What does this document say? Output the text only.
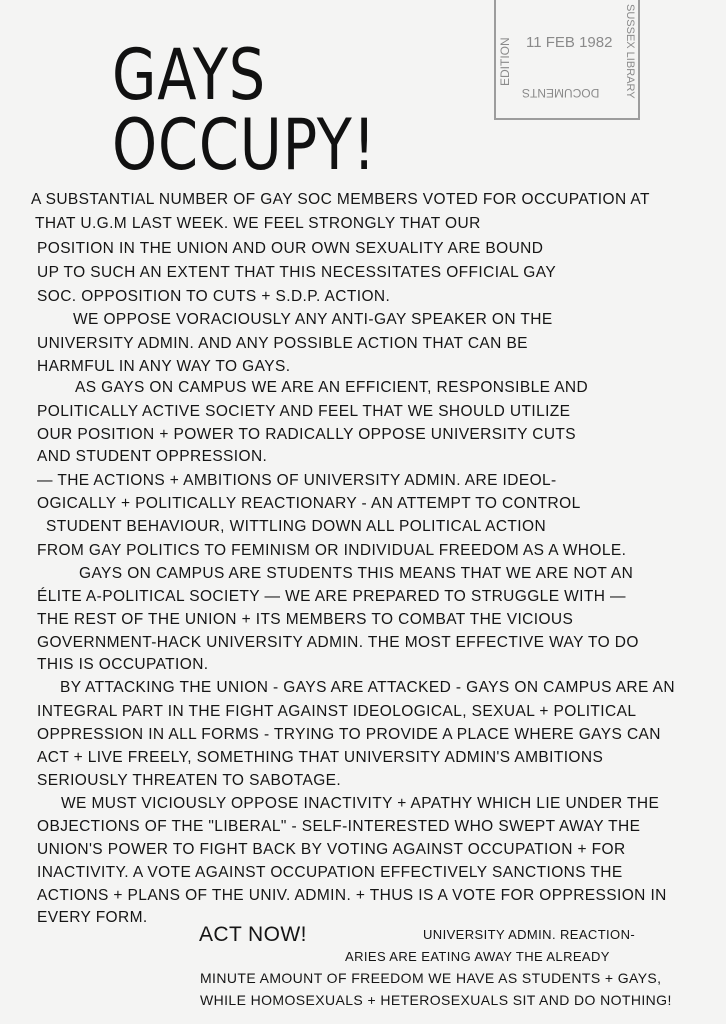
EDITION 11 FEB 1982	SUSSEX LIBRARY
DOCUMENTS
GAYS OCCUPY!
A SUBSTANTIAL NUMBER OF GAY SOC MEMBERS VOTED FOR OCCUPATION AT
THAT U.G.M LAST WEEK. WE FEEL STRONGLY THAT OUR
POSITION IN THE UNION AND OUR OWN SEXUALITY ARE BOUND
UP TO SUCH AN EXTENT THAT THIS NECESSITATES OFFICIAL GAY
SOC. OPPOSITION TO CUTS + S.D.P. ACTION.
WE OPPOSE VORACIOUSLY ANY ANTI-GAY SPEAKER ON THE
UNIVERSITY ADMIN. AND ANY POSSIBLE ACTION THAT CAN BE
HARMFUL IN ANY WAY TO GAYS.
AS GAYS ON CAMPUS WE ARE AN EFFICIENT, RESPONSIBLE AND
POLITICALLY ACTIVE SOCIETY AND FEEL THAT WE SHOULD UTILIZE
OUR POSITION + POWER TO RADICALLY OPPOSE UNIVERSITY CUTS
AND STUDENT OPPRESSION.
— THE ACTIONS + AMBITIONS OF UNIVERSITY ADMIN. ARE IDEOL-
OGICALLY + POLITICALLY REACTIONARY - AN ATTEMPT TO CONTROL
STUDENT BEHAVIOUR, WITTLING DOWN ALL POLITICAL ACTION
FROM GAY POLITICS TO FEMINISM OR INDIVIDUAL FREEDOM AS A WHOLE.
GAYS ON CAMPUS ARE STUDENTS THIS MEANS THAT WE ARE NOT AN
ÉLITE A-POLITICAL SOCIETY — WE ARE PREPARED TO STRUGGLE WITH —
THE REST OF THE UNION + ITS MEMBERS TO COMBAT THE VICIOUS
GOVERNMENT-HACK UNIVERSITY ADMIN. THE MOST EFFECTIVE WAY TO DO
THIS IS OCCUPATION.
BY ATTACKING THE UNION - GAYS ARE ATTACKED - GAYS ON CAMPUS ARE AN
INTEGRAL PART IN THE FIGHT AGAINST IDEOLOGICAL, SEXUAL + POLITICAL
OPPRESSION IN ALL FORMS - TRYING TO PROVIDE A PLACE WHERE GAYS CAN
ACT + LIVE FREELY, SOMETHING THAT UNIVERSITY ADMIN'S AMBITIONS
SERIOUSLY THREATEN TO SABOTAGE.
WE MUST VICIOUSLY OPPOSE INACTIVITY + APATHY WHICH LIE UNDER THE
OBJECTIONS OF THE "LIBERAL" - SELF-INTERESTED WHO SWEPT AWAY THE
UNION'S POWER TO FIGHT BACK BY VOTING AGAINST OCCUPATION + FOR
INACTIVITY. A VOTE AGAINST OCCUPATION EFFECTIVELY SANCTIONS THE
ACTIONS + PLANS OF THE UNIV. ADMIN. + THUS IS A VOTE FOR OPPRESSION IN
EVERY FORM.
ACT NOW!	UNIVERSITY ADMIN. REACTION-
ARIES ARE EATING AWAY THE ALREADY
MINUTE AMOUNT OF FREEDOM WE HAVE AS STUDENTS + GAYS,
WHILE HOMOSEXUALS + HETEROSEXUALS SIT AND DO NOTHING!
